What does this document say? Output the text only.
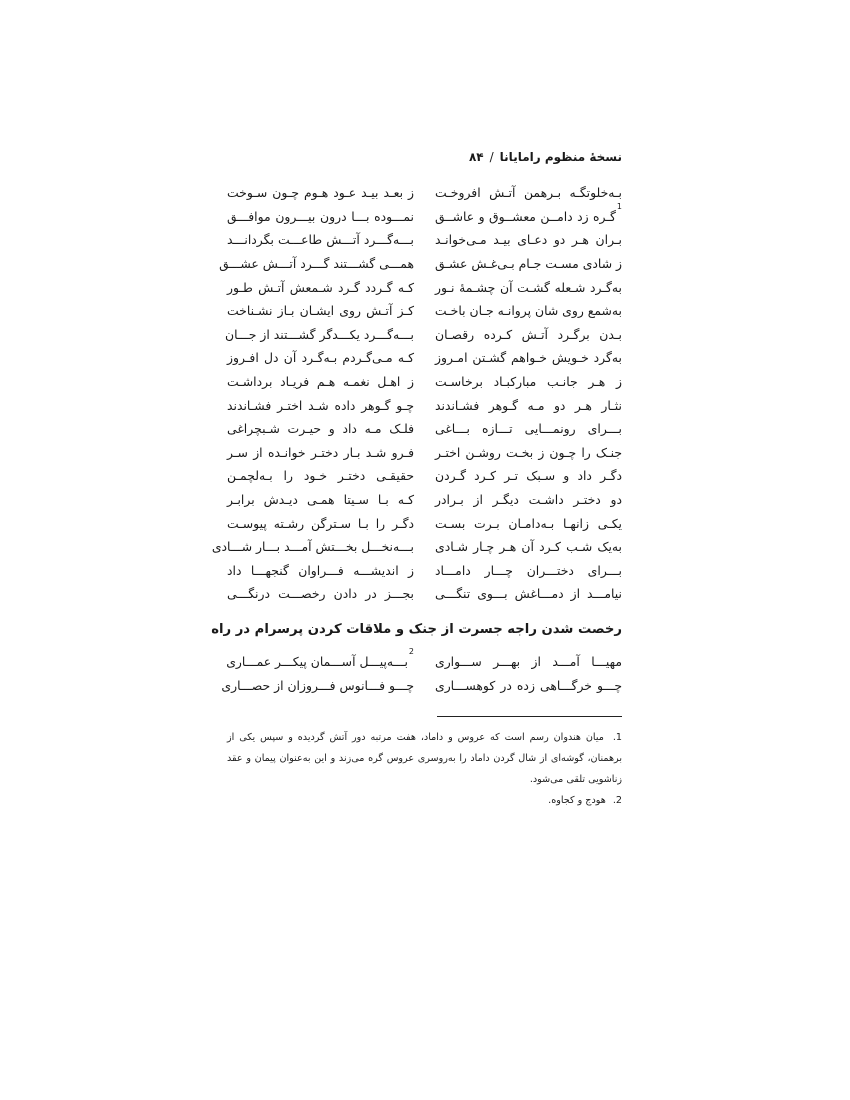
نسخهٔ منظوم رامایانا
/
۸۴
بـه‌خلوتگـه بـرهمن آتـش افروخـت
ز بعـد بیـد عـود هـوم چـون سـوخت
$^1$گـره زد دامــن معشــوق و عاشــق
نمـــوده بـــا درون بیـــرون موافـــق
بـران هـر دو دعـای بیـد مـی‌خوانـد
بـــه‌گـــرد آتـــش طاعـــت بگردانـــد
ز شادی مسـت جـام بـی‌غـش عشـق
همـــی گشـــتند گـــرد آتـــش عشـــق
به‌گـرد شـعله گشـت آن چشـمهٔ نـور
کـه گـردد گـرد شـمعش آتـش طـور
به‌شمع روی شان پروانـه جـان باخـت
کـز آتـش روی ایشـان بـاز نشـناخت
بـدن برگـرد آتـش کـرده رقصـان
بـــه‌گـــرد یکـــدگر گشـــتند از جـــان
به‌گرد خـویش خـواهم گشـتن امـروز
کـه مـی‌گـردم بـه‌گـرد آن دل افـروز
ز هـر جانـب مبارکبـاد برخاسـت
ز اهـل نغمـه هـم فریـاد برداشـت
نثـار هـر دو مـه گـوهر فشـاندند
چـو گـوهر داده شـد اختـر فشـاندند
بـــرای رونمـــایی تـــازه بـــاغی
فلـک مـه داد و حیـرت شـبچراغی
جنـک را چـون ز بخـت روشـن اختـر
فـرو شـد بـار دختـر خوانـده از سـر
دگـر داد و سـبک تـر کـرد گـردن
حقیقـی دختـر خـود را بـه‌لچمـن
دو دختـر داشـت دیگـر از بـرادر
کـه بـا سـیتا همـی دیـدش برابـر
یکـی زانهـا بـه‌دامـان بـرت بسـت
دگـر را بـا سـترگن رشـته پیوسـت
به‌یک شـب کـرد آن هـر چـار شـادی
بـــه‌نخـــل بخـــتش آمـــد بـــار شـــادی
بـــرای دختـــران چـــار دامـــاد
ز اندیشـــه فـــراوان گنجهـــا داد
نیامـــد از دمـــاغش بـــوی تنگـــی
بجـــز در دادن رخصـــت درنگـــی
رخصت شدن راجه جسرت از جنک و ملاقات کردن پرسرام در راه
مهیـــا آمـــد از بهـــر ســـواری
$^2$بـــه‌پیـــل آســـمان پیکـــر عمـــاری
چـــو خرگـــاهی زده در کوهســـاری
چـــو فـــانوس فـــروزان از حصـــاری

1. میان هندوان رسم است که عروس و داماد، هفت مرتبه دور آتش گردیده و سپس یکی از برهمنان، گوشه‌ای از شال گردن داماد را به‌روسری عروس گره می‌زند و این به‌عنوان پیمان و عقد زناشویی تلقی می‌شود.

2. هودج و کجاوه.
